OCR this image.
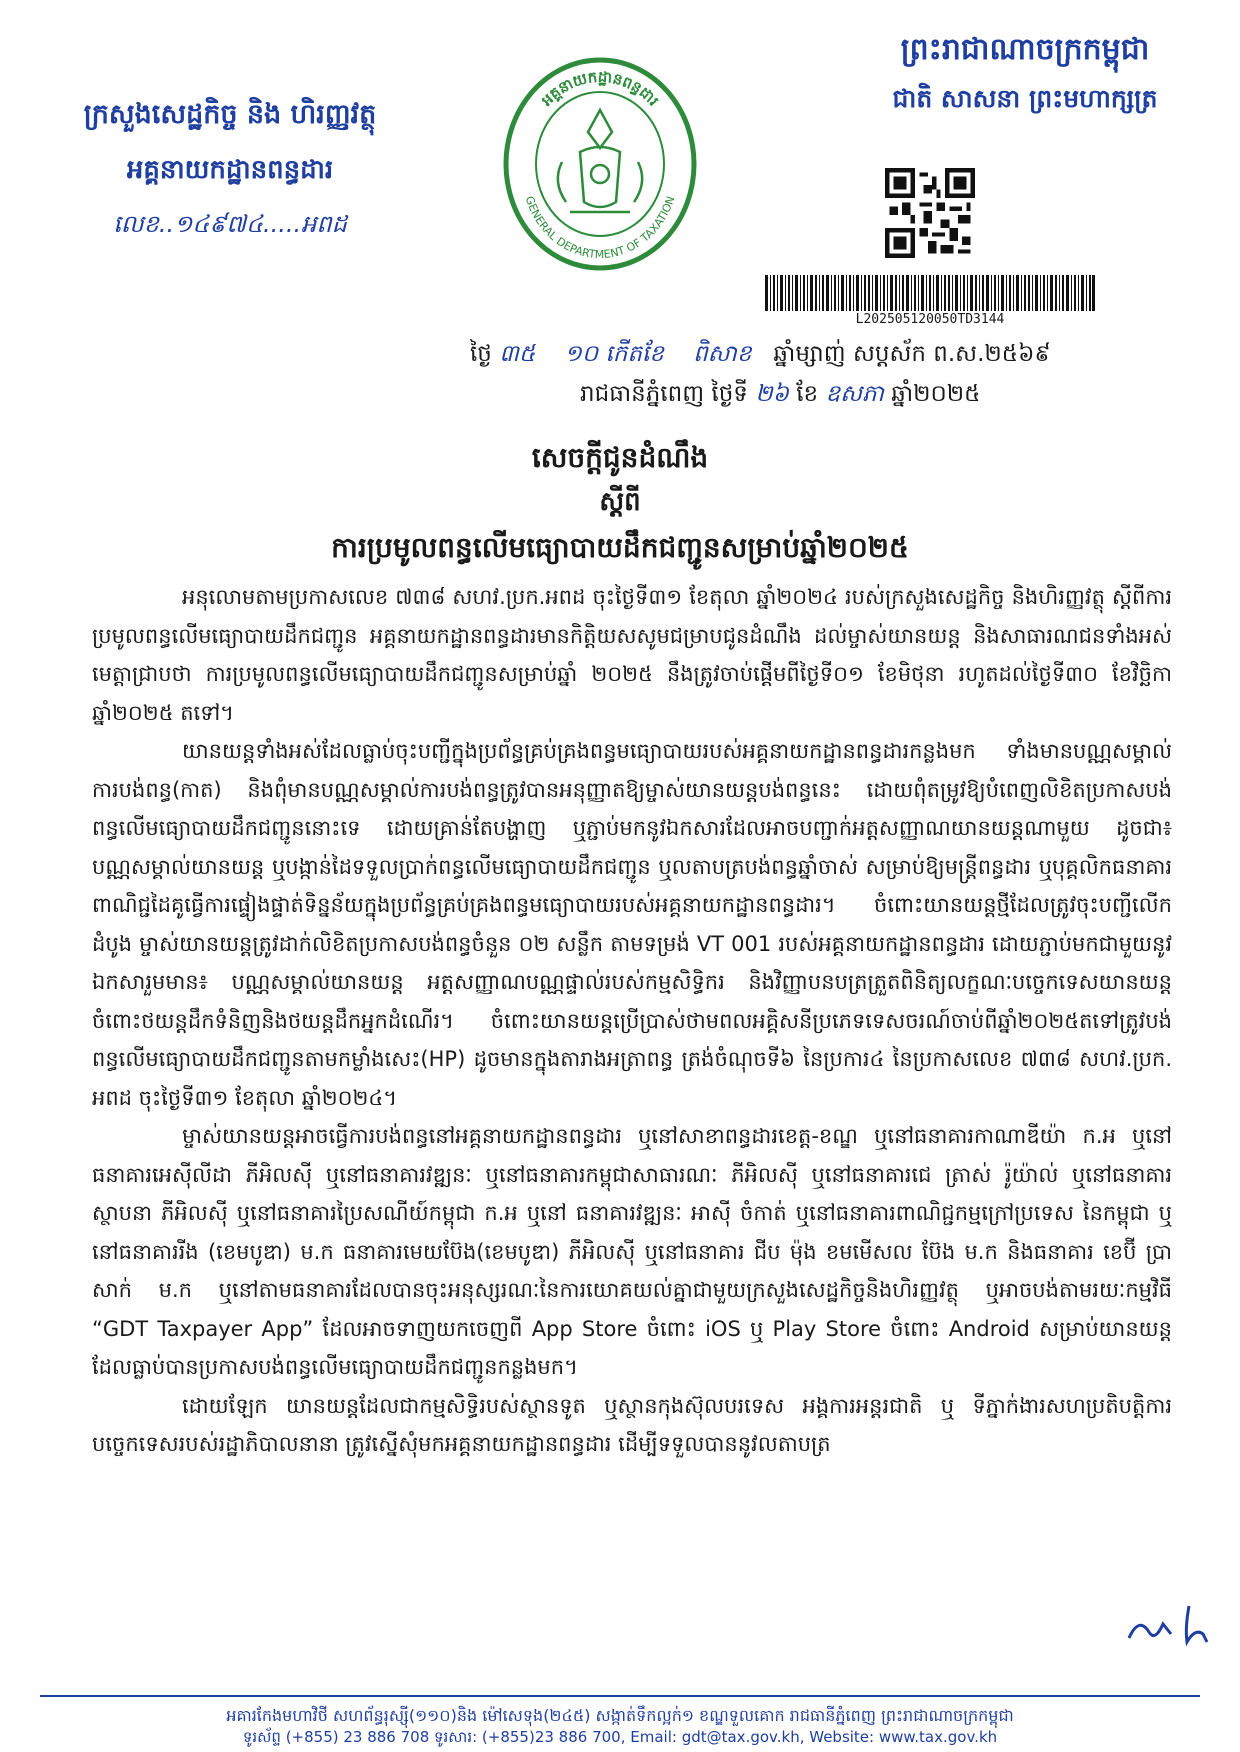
ក្រសួងសេដ្ឋកិច្ច និង ហិរញ្ញវត្ថុ
អគ្គនាយកដ្ឋានពន្ធដារ
លេខ..១៤៩៧៤.....អពដ
អគ្គនាយកដ្ឋានពន្ធដារ
GENERAL DEPARTMENT OF TAXATION
ព្រះរាជាណាចក្រកម្ពុជា
ជាតិ សាសនា ព្រះមហាក្សត្រ
L202505120050TD3144
ថ្ងៃ ៣៥ ១០ កើតខែ ពិសាខ ឆ្នាំម្សាញ់ សប្តស័ក ព.ស.២៥៦៩
រាជធានីភ្នំពេញ ថ្ងៃទី ២៦ ខែ ឧសភា ឆ្នាំ២០២៥
សេចក្តីជូនដំណឹង
ស្តីពី
ការប្រមូលពន្ធលើមធ្យោបាយដឹកជញ្ជូនសម្រាប់ឆ្នាំ២០២៥

អនុលោមតាមប្រកាសលេខ ៧៣៨ សហវ.ប្រក.អពដ ចុះថ្ងៃទី៣១ ខែតុលា ឆ្នាំ២០២៤ របស់ក្រសួងសេដ្ឋកិច្ច និងហិរញ្ញវត្ថុ ស្តីពីការប្រមូលពន្ធលើមធ្យោបាយដឹកជញ្ជូន អគ្គនាយកដ្ឋានពន្ធដារមានកិត្តិយសសូមជម្រាបជូនដំណឹង ដល់ម្ចាស់យានយន្ត និងសាធារណជនទាំងអស់មេត្តាជ្រាបថា ការប្រមូលពន្ធលើមធ្យោបាយដឹកជញ្ជូនសម្រាប់ឆ្នាំ ២០២៥ នឹងត្រូវចាប់ផ្តើមពីថ្ងៃទី០១ ខែមិថុនា រហូតដល់ថ្ងៃទី៣០ ខែវិច្ឆិកា ឆ្នាំ២០២៥ តទៅ។

យានយន្តទាំងអស់ដែលធ្លាប់ចុះបញ្ជីក្នុងប្រព័ន្ធគ្រប់គ្រងពន្ធមធ្យោបាយរបស់អគ្គនាយកដ្ឋានពន្ធដារកន្លងមក ទាំងមានបណ្ណសម្គាល់ការបង់ពន្ធ(កាត) និងពុំមានបណ្ណសម្គាល់ការបង់ពន្ធត្រូវបានអនុញ្ញាតឱ្យម្ចាស់យានយន្តបង់ពន្ធនេះ ដោយពុំតម្រូវឱ្យបំពេញលិខិតប្រកាសបង់ពន្ធលើមធ្យោបាយដឹកជញ្ជូននោះទេ ដោយគ្រាន់តែបង្ហាញ ឬភ្ជាប់មកនូវឯកសារដែលអាចបញ្ជាក់អត្តសញ្ញាណយានយន្តណាមួយ ដូចជា៖ បណ្ណសម្គាល់យានយន្ត ឬបង្កាន់ដៃទទួលប្រាក់ពន្ធលើមធ្យោបាយដឹកជញ្ជូន ឬលតាបត្របង់ពន្ធឆ្នាំចាស់ សម្រាប់ឱ្យមន្ត្រីពន្ធដារ ឬបុគ្គលិកធនាគារពាណិជ្ជដៃគូធ្វើការផ្ទៀងផ្ទាត់ទិន្នន័យក្នុងប្រព័ន្ធគ្រប់គ្រងពន្ធមធ្យោបាយរបស់អគ្គនាយកដ្ឋានពន្ធដារ។ ចំពោះយានយន្តថ្មីដែលត្រូវចុះបញ្ជីលើកដំបូង ម្ចាស់យានយន្តត្រូវដាក់លិខិតប្រកាសបង់ពន្ធចំនួន ០២ សន្លឹក តាមទម្រង់ VT 001 របស់អគ្គនាយកដ្ឋានពន្ធដារ ដោយភ្ជាប់មកជាមួយនូវឯកសារួមមាន៖ បណ្ណសម្គាល់យានយន្ត អត្តសញ្ញាណបណ្ណផ្ទាល់របស់កម្មសិទ្ធិករ និងវិញ្ញាបនបត្រត្រួតពិនិត្យលក្ខណៈបច្ចេកទេសយានយន្តចំពោះថយន្តដឹកទំនិញនិងថយន្តដឹកអ្នកដំណើរ។ ចំពោះយានយន្តប្រើប្រាស់ថាមពលអគ្គិសនីប្រភេទទេសចរណ៍ចាប់ពីឆ្នាំ២០២៥តទៅត្រូវបង់ពន្ធលើមធ្យោបាយដឹកជញ្ជូនតាមកម្លាំងសេះ(HP) ដូចមានក្នុងតារាងអត្រាពន្ធ ត្រង់ចំណុចទី៦ នៃប្រការ៤ នៃប្រកាសលេខ ៧៣៨ សហវ.ប្រក. អពដ ចុះថ្ងៃទី៣១ ខែតុលា ឆ្នាំ២០២៤។

ម្ចាស់យានយន្តអាចធ្វើការបង់ពន្ធនៅអគ្គនាយកដ្ឋានពន្ធដារ ឬនៅសាខាពន្ធដារខេត្ត-ខណ្ឌ ឬនៅធនាគារកាណាឌីយ៉ា ក.អ ឬនៅធនាគារអេស៊ីលីដា ភីអិលស៊ី ឬនៅធនាគារវឌ្ឍនៈ ឬនៅធនាគារកម្ពុជាសាធារណៈ ភីអិលស៊ី ឬនៅធនាគារជេ ត្រាស់ រ៉ូយ៉ាល់ ឬនៅធនាគារស្ថាបនា ភីអិលស៊ី ឬនៅធនាគារប្រៃសណីយ៍កម្ពុជា ក.អ ឬនៅ ធនាគារវឌ្ឍនៈ អាស៊ី ចំកាត់ ឬនៅធនាគារពាណិជ្ជកម្មក្រៅប្រទេស នៃកម្ពុជា ឬនៅធនាគាររីង (ខេមបូឌា) ម.ក ធនាគារមេយប៊ែង(ខេមបូឌា) ភីអិលស៊ី ឬនៅធនាគារ ជីប ម៉ុង ខមមើសល ប៊ែង ម.ក និងធនាគារ ខេប៊ី ប្រាសាក់ ម.ក ឬនៅតាមធនាគារដែលបានចុះអនុស្សរណៈនៃការយោគយល់គ្នាជាមួយក្រសួងសេដ្ឋកិច្ចនិងហិរញ្ញវត្ថុ ឬអាចបង់តាមរយៈកម្មវិធី “GDT Taxpayer App” ដែលអាចទាញយកចេញពី App Store ចំពោះ iOS ឬ Play Store ចំពោះ Android សម្រាប់យានយន្តដែលធ្លាប់បានប្រកាសបង់ពន្ធលើមធ្យោបាយដឹកជញ្ជូនកន្លងមក។

ដោយឡែក យានយន្តដែលជាកម្មសិទ្ធិរបស់ស្ថានទូត ឬស្ថានកុងស៊ុលបរទេស អង្គការអន្តរជាតិ ឬ ទីភ្នាក់ងារសហប្រតិបត្តិការបច្ចេកទេសរបស់រដ្ឋាភិបាលនានា ត្រូវស្នើសុំមកអគ្គនាយកដ្ឋានពន្ធដារ ដើម្បីទទួលបាននូវលតាបត្រ

អគារកែងមហាវិថី សហព័ន្ធរុស្ស៊ី(១១០)និង ម៉ៅសេទុង(២៤៥) សង្កាត់ទឹកល្អក់១ ខណ្ឌទួលគោក រាជធានីភ្នំពេញ ព្រះរាជាណាចក្រកម្ពុជា
ទូរស័ព្ទ (+855) 23 886 708 ទូរសារ: (+855)23 886 700, Email: gdt@tax.gov.kh, Website: www.tax.gov.kh
